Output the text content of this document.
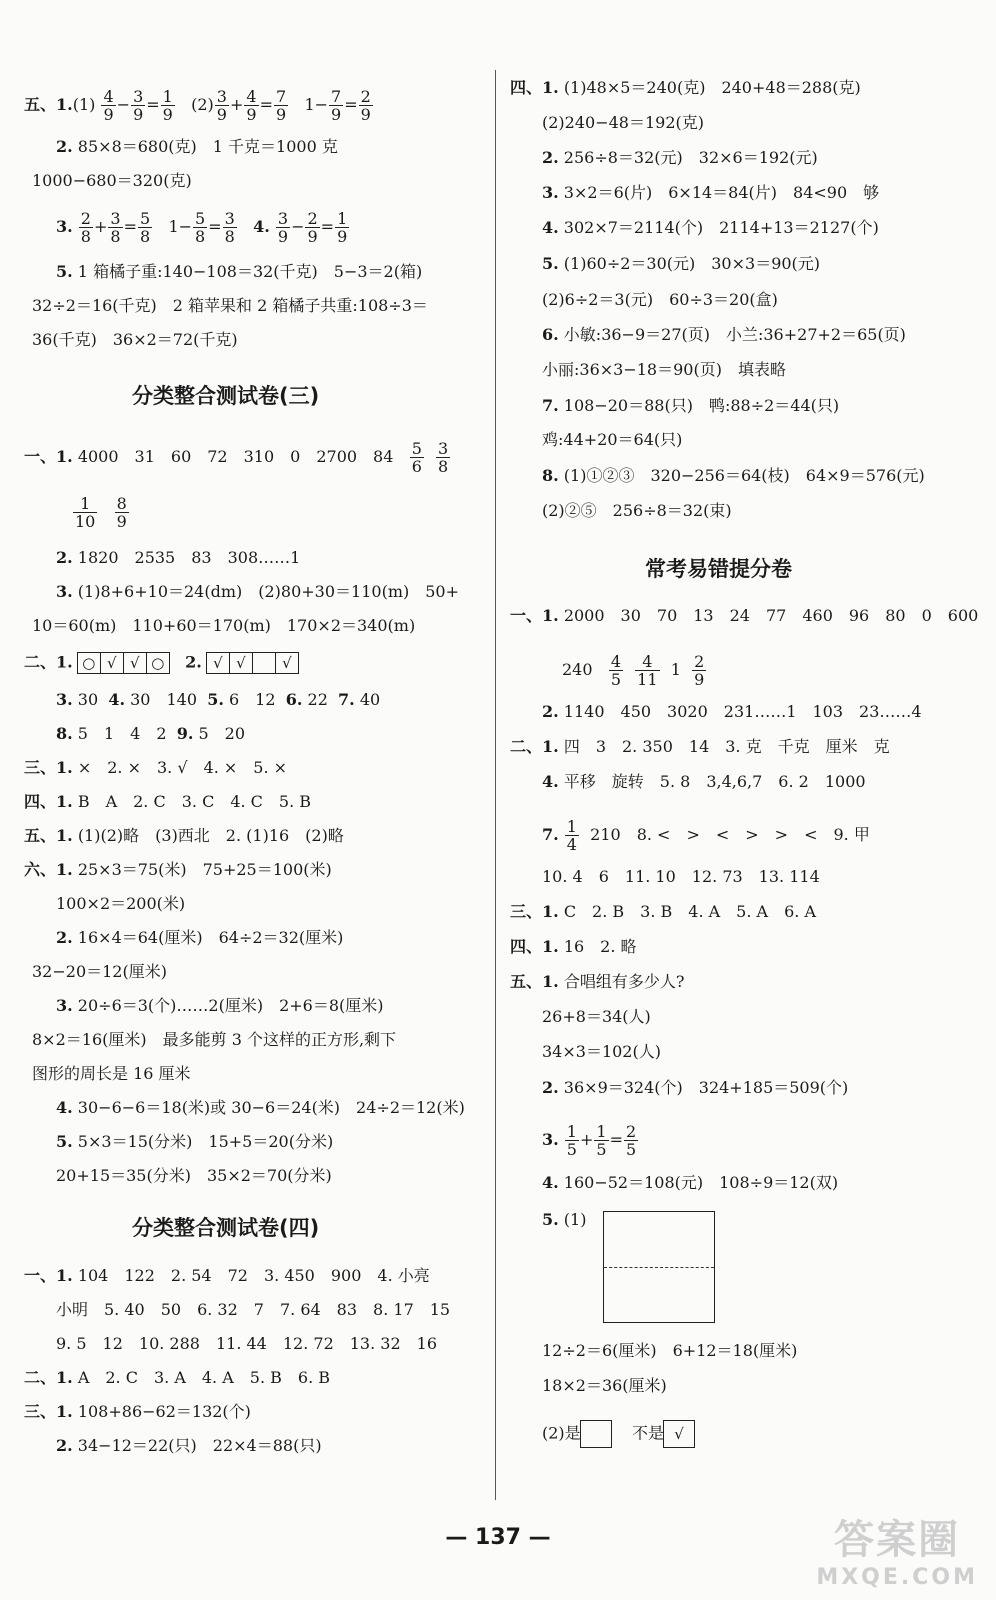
五、$1.(1) \frac{4}{9} - \frac{3}{9} = \frac{1}{9} (2) \frac{3}{9} + \frac{4}{9} = \frac{7}{9} 1- \frac{7}{9} = \frac{2}{9}$
2. 85×8＝680(克)　1 千克＝1000 克
1000−680＝320(克)
3. $\frac{2}{8} + \frac{3}{8} = \frac{5}{8} 1- \frac{5}{8} = \frac{3}{8} 4$. $\frac{3}{9} - \frac{2}{9} = \frac{1}{9}$
5. 1 箱橘子重:140−108＝32(千克)　5−3＝2(箱)
32÷2＝16(千克)　2 箱苹果和 2 箱橘子共重:108÷3＝
36(千克)　36×2＝72(千克)
分类整合测试卷(三)
一、1. 4000　31　60　72　310　0　2700　$84 \frac{5}{6}$
$\frac{3}{8}$
$\frac{1}{10}$
$\frac{8}{9}$
2. 1820　2535　83　308……1
3. (1)8+6+10＝24(dm)　(2)80+30＝110(m)　50+
10＝60(m)　110+60＝170(m)　170×2＝340(m)
二、1. ○ √ √ ○ 2. √ √ √
3. 30 4. 30　140 5. 6　12 6. 22 7. 40
8. 5　1　4　2 9. 5　20
三、1. ×　2. ×　3. √　4. ×　5. ×
四、1. B　A　2. C　3. C　4. C　5. B
五、1. (1)(2)略　(3)西北　2. (1)16　(2)略
六、1. 25×3＝75(米)　75+25＝100(米)
100×2＝200(米)
2. 16×4＝64(厘米)　64÷2＝32(厘米)
32−20＝12(厘米)
3. 20÷6＝3(个)……2(厘米)　2+6＝8(厘米)
8×2＝16(厘米)　最多能剪 3 个这样的正方形,剩下
图形的周长是 16 厘米
4. 30−6−6＝18(米)或 30−6＝24(米)　24÷2＝12(米)
5. 5×3＝15(分米)　15+5＝20(分米)
20+15＝35(分米)　35×2＝70(分米)
分类整合测试卷(四)
一、1. 104　122　2. 54　72　3. 450　900　4. 小亮
小明　5. 40　50　6. 32　7　7. 64　83　8. 17　15
9. 5　12　10. 288　11. 44　12. 72　13. 32　16
二、1. A　2. C　3. A　4. A　5. B　6. B
三、1. 108+86−62＝132(个)
2. 34−12＝22(只)　22×4＝88(只)
四、1. (1)48×5＝240(克)　240+48＝288(克)
(2)240−48＝192(克)
2. 256÷8＝32(元)　32×6＝192(元)
3. 3×2＝6(片)　6×14＝84(片)　84<90　够
4. 302×7＝2114(个)　2114+13＝2127(个)
5. (1)60÷2＝30(元)　30×3＝90(元)
(2)6÷2＝3(元)　60÷3＝20(盒)
6. 小敏:36−9＝27(页)　小兰:36+27+2＝65(页)
小丽:36×3−18＝90(页)　填表略
7. 108−20＝88(只)　鸭:88÷2＝44(只)
鸡:44+20＝64(只)
8. (1)①②③　320−256＝64(枝)　64×9＝576(元)
(2)②⑤　256÷8＝32(束)
常考易错提分卷
一、1. 2000　30　70　13　24　77　460　96　80　0　600
$240 \frac{4}{5}$
$\frac{4}{11} 1 \frac{2}{9}$
2. 1140　450　3020　231……1　103　23……4
二、1. 四　3　2. 350　14　3. 克　千克　厘米　克
4. 平移　旋转　5. 8　3,4,6,7　6. 2　1000
7. $\frac{1}{4} 210$　8. <　>　<　>　>　<　9. 甲
10. 4　6　11. 10　12. 73　13. 114
三、1. C　2. B　3. B　4. A　5. A　6. A
四、1. 16　2. 略
五、1. 合唱组有多少人?
26+8＝34(人)
34×3＝102(人)
2. 36×9＝324(个)　324+185＝509(个)
3. $\frac{1}{5} + \frac{1}{5} = \frac{2}{5}$
4. 160−52＝108(元)　108÷9＝12(双)
5. (1)
12÷2＝6(厘米)　6+12＝18(厘米)
18×2＝36(厘米)
(2)是	不是 √
— 137 —	答案圈
MXQE.COM
